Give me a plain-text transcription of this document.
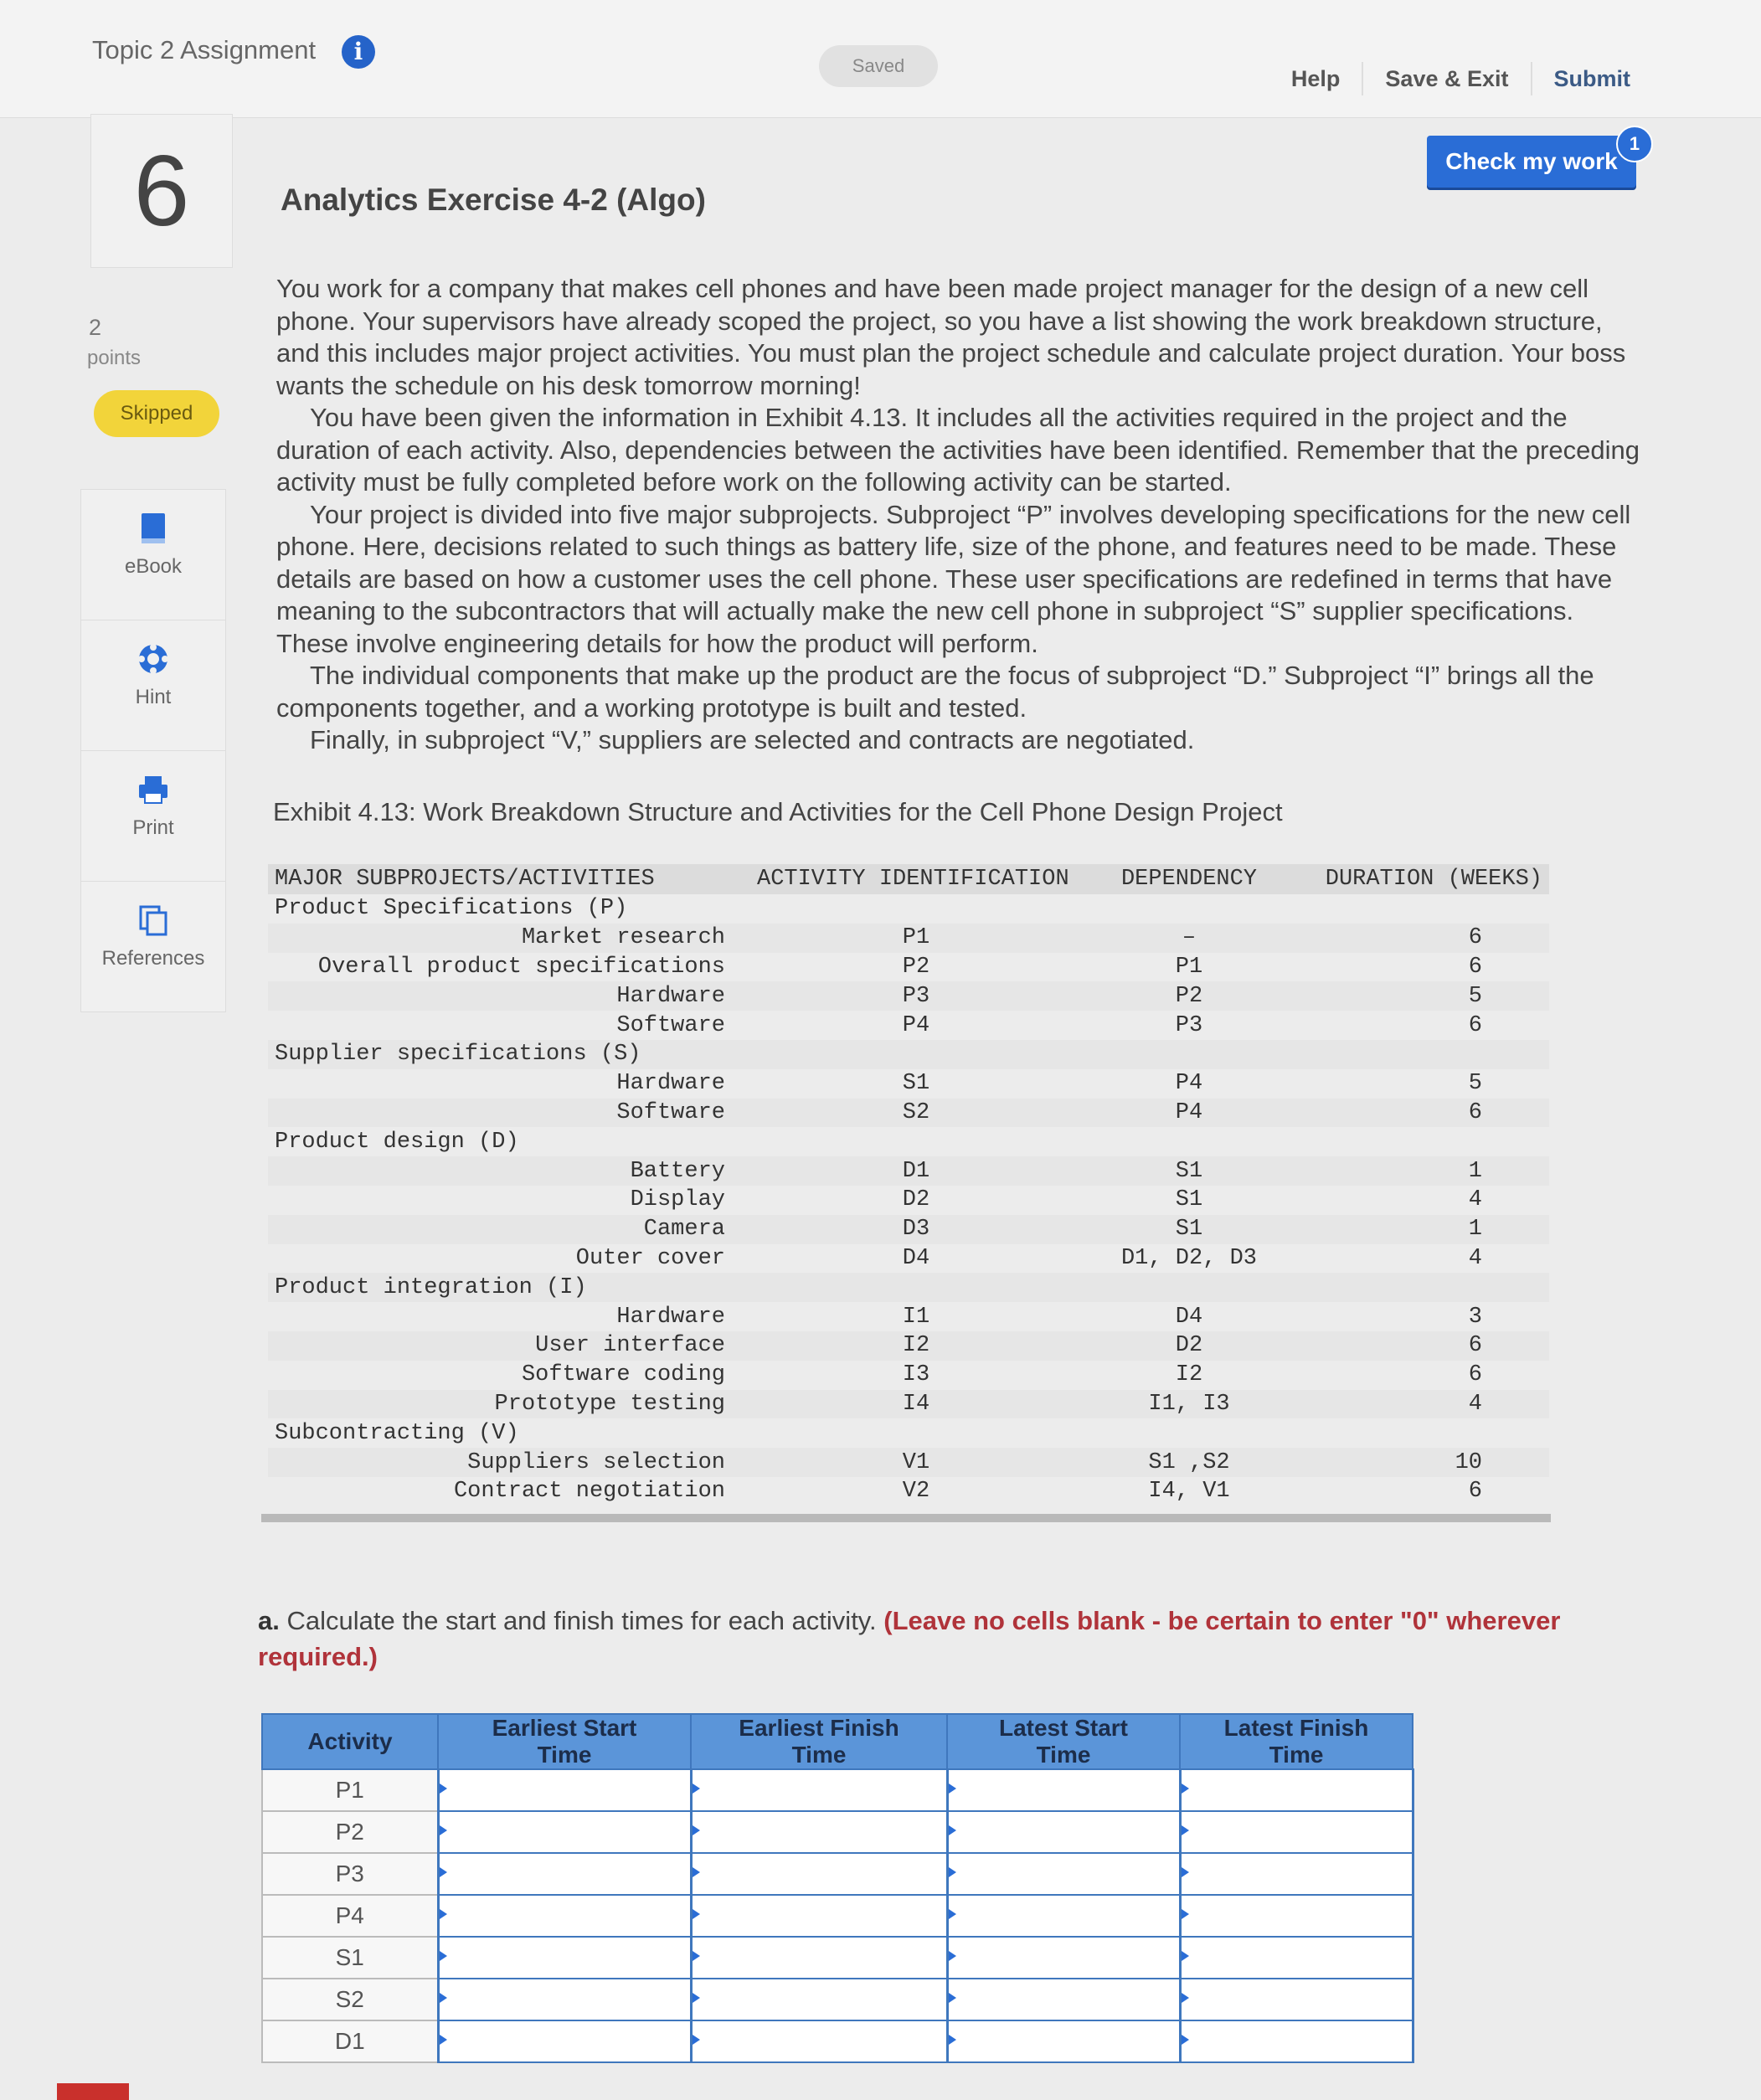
Topic 2 Assignment	i
Saved
Help	Save & Exit	Submit
Check my work
1
6
2
points
Skipped
eBook
Hint
Print
References
Analytics Exercise 4-2 (Algo)

You work for a company that makes cell phones and have been made project manager for the design of a new cell phone. Your supervisors have already scoped the project, so you have a list showing the work breakdown structure, and this includes major project activities. You must plan the project schedule and calculate project duration. Your boss wants the schedule on his desk tomorrow morning!

You have been given the information in Exhibit 4.13. It includes all the activities required in the project and the duration of each activity. Also, dependencies between the activities have been identified. Remember that the preceding activity must be fully completed before work on the following activity can be started.

Your project is divided into five major subprojects. Subproject “P” involves developing specifications for the new cell phone. Here, decisions related to such things as battery life, size of the phone, and features need to be made. These details are based on how a customer uses the cell phone. These user specifications are redefined in terms that have meaning to the subcontractors that will actually make the new cell phone in subproject “S” supplier specifications. These involve engineering details for how the product will perform.

The individual components that make up the product are the focus of subproject “D.” Subproject “I” brings all the components together, and a working prototype is built and tested.

Finally, in subproject “V,” suppliers are selected and contracts are negotiated.

Exhibit 4.13: Work Breakdown Structure and Activities for the Cell Phone Design Project
MAJOR SUBPROJECTS/ACTIVITIES	ACTIVITY IDENTIFICATION	DEPENDENCY	DURATION (WEEKS)
Product Specifications (P)			
Market research	P1	–	6
Overall product specifications	P2	P1	6
Hardware	P3	P2	5
Software	P4	P3	6
Supplier specifications (S)			
Hardware	S1	P4	5
Software	S2	P4	6
Product design (D)			
Battery	D1	S1	1
Display	D2	S1	4
Camera	D3	S1	1
Outer cover	D4	D1, D2, D3	4
Product integration (I)			
Hardware	I1	D4	3
User interface	I2	D2	6
Software coding	I3	I2	6
Prototype testing	I4	I1, I3	4
Subcontracting (V)			
Suppliers selection	V1	S1 ,S2	10
Contract negotiation	V2	I4, V1	6
a. Calculate the start and finish times for each activity. (Leave no cells blank - be certain to enter "0" wherever required.)
Activity	Earliest Start Time	Earliest Finish Time	Latest Start Time	Latest Finish Time
P1				
P2				
P3				
P4				
S1				
S2				
D1				
